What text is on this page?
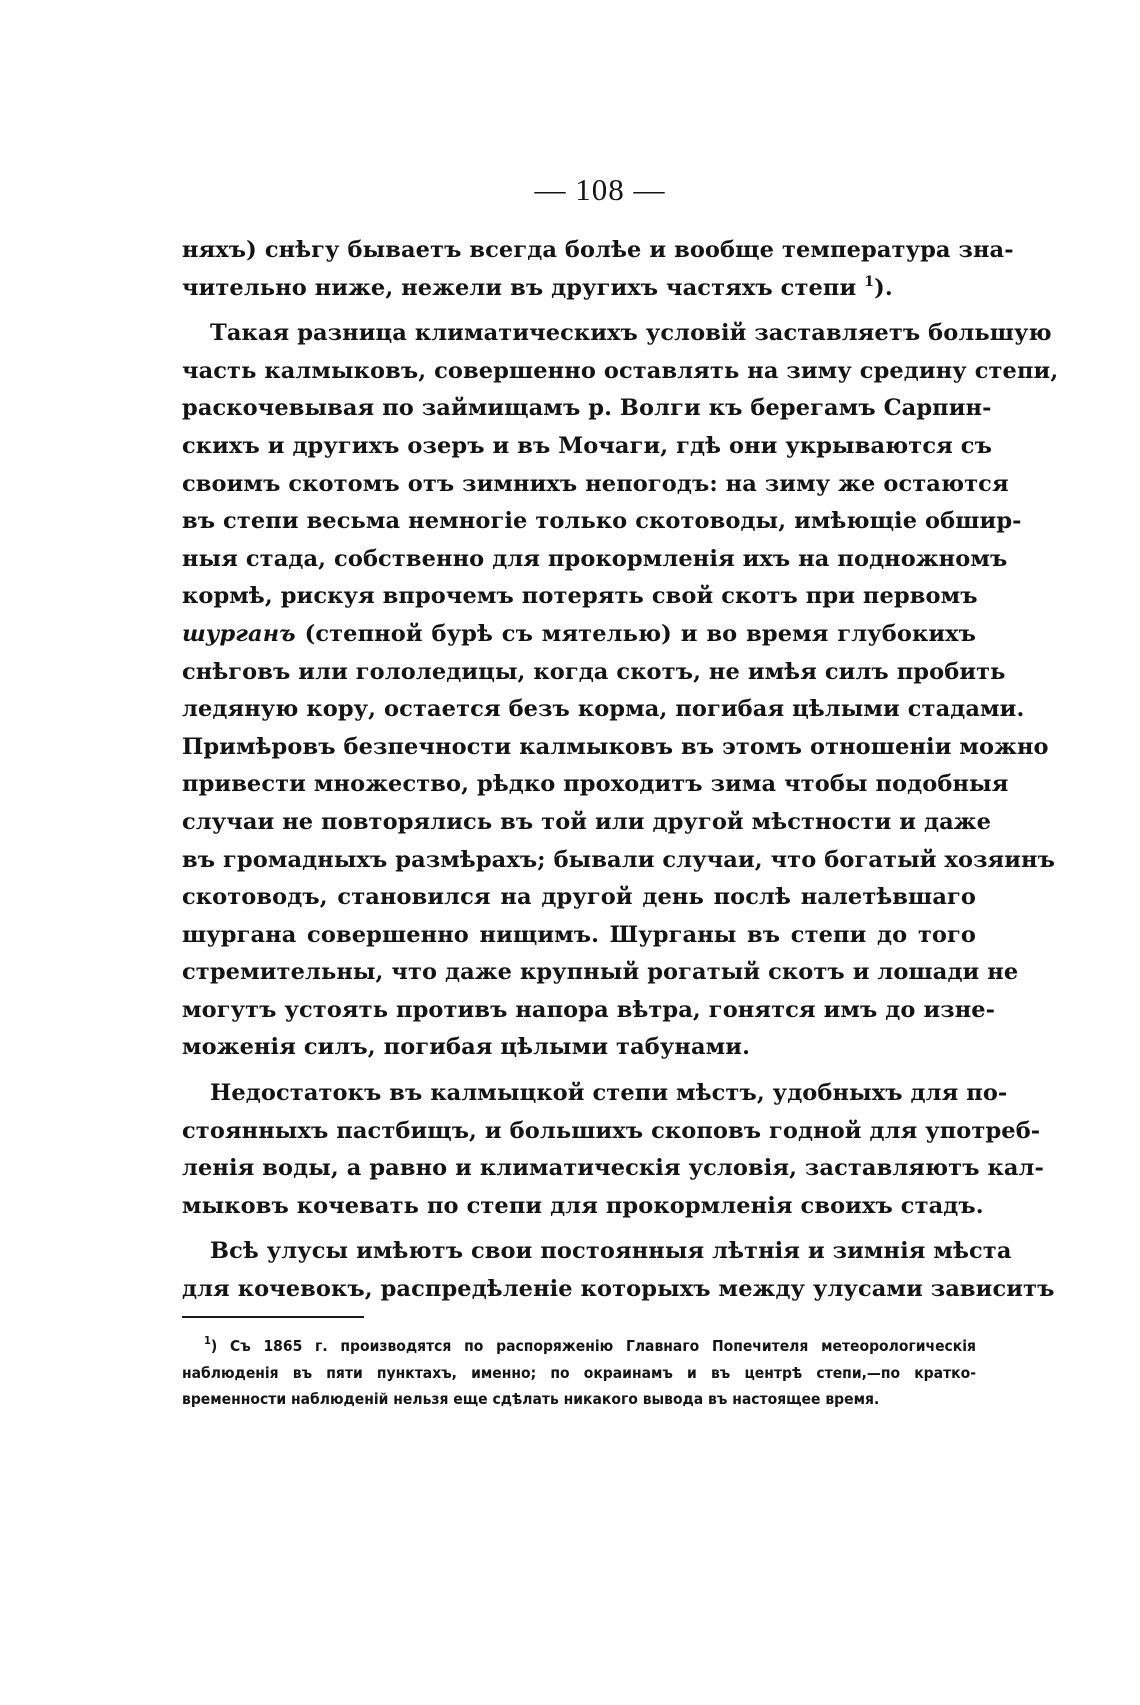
— 108 —
няхъ) снѣгу бываетъ всегда болѣе и вообще температура зна-
чительно ниже, нежели въ другихъ частяхъ степи $^1$).
Такая разница климатическихъ условій заставляетъ большую
часть калмыковъ, совершенно оставлять на зиму средину степи,
раскочевывая по займищамъ р. Волги къ берегамъ Сарпин-
скихъ и другихъ озеръ и въ Мочаги, гдѣ они укрываются съ
своимъ скотомъ отъ зимнихъ непогодъ: на зиму же остаются
въ степи весьма немногіе только скотоводы, имѣющіе обшир-
ныя стада, собственно для прокормленія ихъ на подножномъ
кормѣ, рискуя впрочемъ потерять свой скотъ при первомъ
шурганъ (степной бурѣ съ мятелью) и во время глубокихъ
снѣговъ или гололедицы, когда скотъ, не имѣя силъ пробить
ледяную кору, остается безъ корма, погибая цѣлыми стадами.
Примѣровъ безпечности калмыковъ въ этомъ отношеніи можно
привести множество, рѣдко проходитъ зима чтобы подобныя
случаи не повторялись въ той или другой мѣстности и даже
въ громадныхъ размѣрахъ; бывали случаи, что богатый хозяинъ
скотоводъ, становился на другой день послѣ налетѣвшаго
шургана совершенно нищимъ. Шурганы въ степи до того
стремительны, что даже крупный рогатый скотъ и лошади не
могутъ устоять противъ напора вѣтра, гонятся имъ до изне-
моженія силъ, погибая цѣлыми табунами.
Недостатокъ въ калмыцкой степи мѣстъ, удобныхъ для по-
стоянныхъ пастбищъ, и большихъ скоповъ годной для употреб-
ленія воды, а равно и климатическія условія, заставляютъ кал-
мыковъ кочевать по степи для прокормленія своихъ стадъ.
Всѣ улусы имѣютъ свои постоянныя лѣтнія и зимнія мѣста
для кочевокъ, распредѣленіе которыхъ между улусами зависитъ
$^1$) Съ 1865 г. производятся по распоряженію Главнаго Попечителя метеорологическія
наблюденія въ пяти пунктахъ, именно; по окраинамъ и въ центрѣ степи,—по кратко-
временности наблюденій нельзя еще сдѣлать никакого вывода въ настоящее время.
